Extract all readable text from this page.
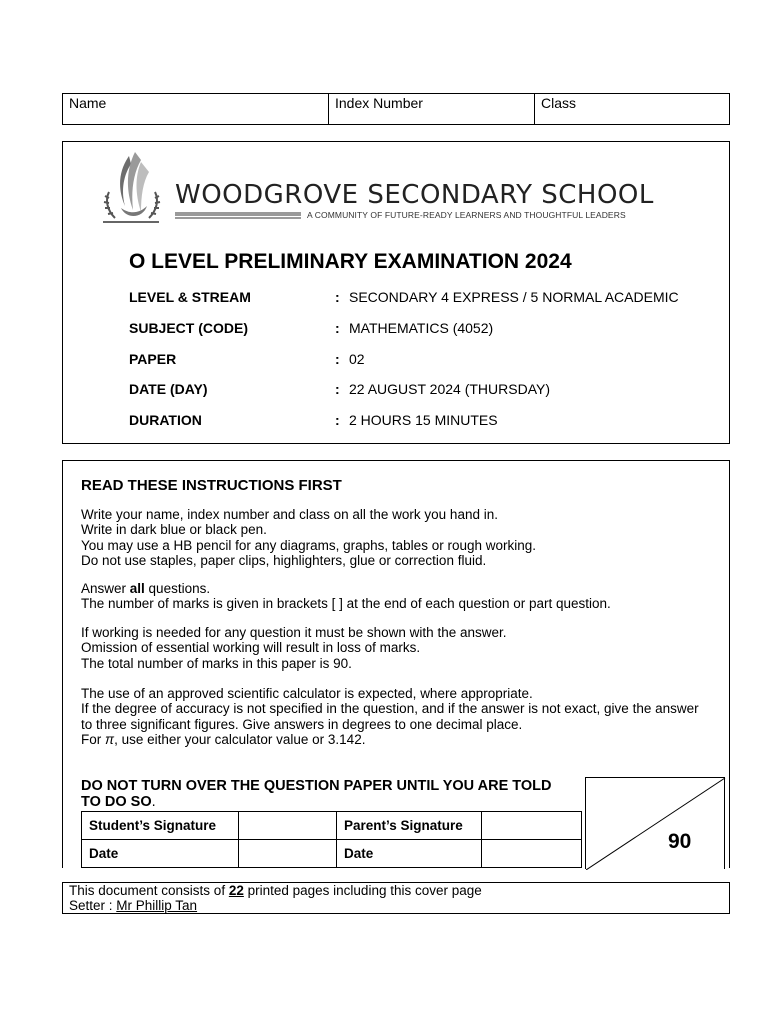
Name	Index Number	Class
WOODGROVE SECONDARY SCHOOL
A COMMUNITY OF FUTURE-READY LEARNERS AND THOUGHTFUL LEADERS
O LEVEL PRELIMINARY EXAMINATION 2024
LEVEL & STREAM	: SECONDARY 4 EXPRESS / 5 NORMAL ACADEMIC
SUBJECT (CODE)	: MATHEMATICS (4052)
PAPER	: 02
DATE (DAY)	: 22 AUGUST 2024 (THURSDAY)
DURATION	: 2 HOURS 15 MINUTES
READ THESE INSTRUCTIONS FIRST
Write your name, index number and class on all the work you hand in.
Write in dark blue or black pen.
You may use a HB pencil for any diagrams, graphs, tables or rough working.
Do not use staples, paper clips, highlighters, glue or correction fluid.
Answer all questions.
The number of marks is given in brackets [ ] at the end of each question or part question.
If working is needed for any question it must be shown with the answer.
Omission of essential working will result in loss of marks.
The total number of marks in this paper is 90.
The use of an approved scientific calculator is expected, where appropriate.
If the degree of accuracy is not specified in the question, and if the answer is not exact, give the answer
to three significant figures. Give answers in degrees to one decimal place.
For π, use either your calculator value or 3.142.
DO NOT TURN OVER THE QUESTION PAPER UNTIL YOU ARE TOLD TO DO SO.
Student’s Signature		Parent’s Signature	
Date		Date	
90
This document consists of 22 printed pages including this cover page
Setter : Mr Phillip Tan
